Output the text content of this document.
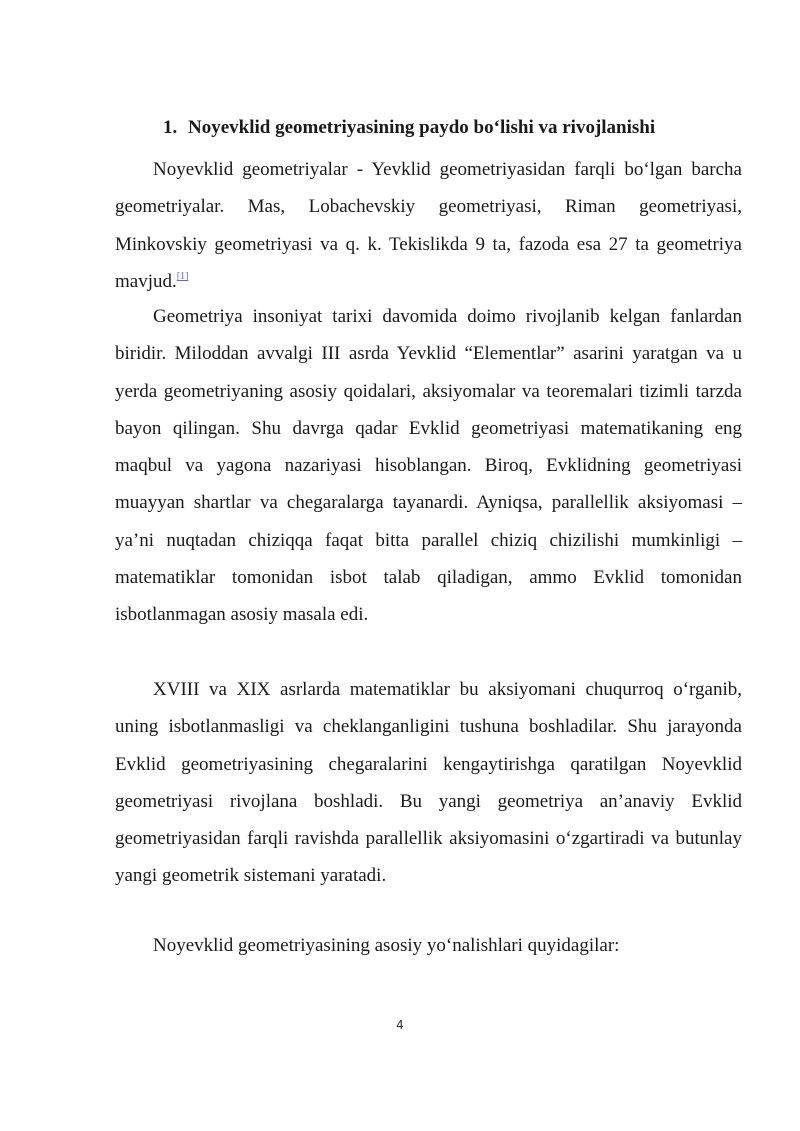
1. Noyevklid geometriyasining paydo bo‘lishi va rivojlanishi

Noyevklid geometriyalar - Yevklid geometriyasidan farqli bo‘lgan barcha geometriyalar. Mas, Lobachevskiy geometriyasi, Riman geometriyasi, Minkovskiy geometriyasi va q. k. Tekislikda 9 ta, fazoda esa 27 ta geometriya mavjud.[1]

Geometriya insoniyat tarixi davomida doimo rivojlanib kelgan fanlardan biridir. Miloddan avvalgi III asrda Yevklid “Elementlar” asarini yaratgan va u yerda geometriyaning asosiy qoidalari, aksiyomalar va teoremalari tizimli tarzda bayon qilingan. Shu davrga qadar Evklid geometriyasi matematikaning eng maqbul va yagona nazariyasi hisoblangan. Biroq, Evklidning geometriyasi muayyan shartlar va chegaralarga tayanardi. Ayniqsa, parallellik aksiyomasi – ya’ni nuqtadan chiziqqa faqat bitta parallel chiziq chizilishi mumkinligi – matematiklar tomonidan isbot talab qiladigan, ammo Evklid tomonidan isbotlanmagan asosiy masala edi.

XVIII va XIX asrlarda matematiklar bu aksiyomani chuqurroq o‘rganib, uning isbotlanmasligi va cheklanganligini tushuna boshladilar. Shu jarayonda Evklid geometriyasining chegaralarini kengaytirishga qaratilgan Noyevklid geometriyasi rivojlana boshladi. Bu yangi geometriya an’anaviy Evklid geometriyasidan farqli ravishda parallellik aksiyomasini o‘zgartiradi va butunlay yangi geometrik sistemani yaratadi.

Noyevklid geometriyasining asosiy yo‘nalishlari quyidagilar:

4
